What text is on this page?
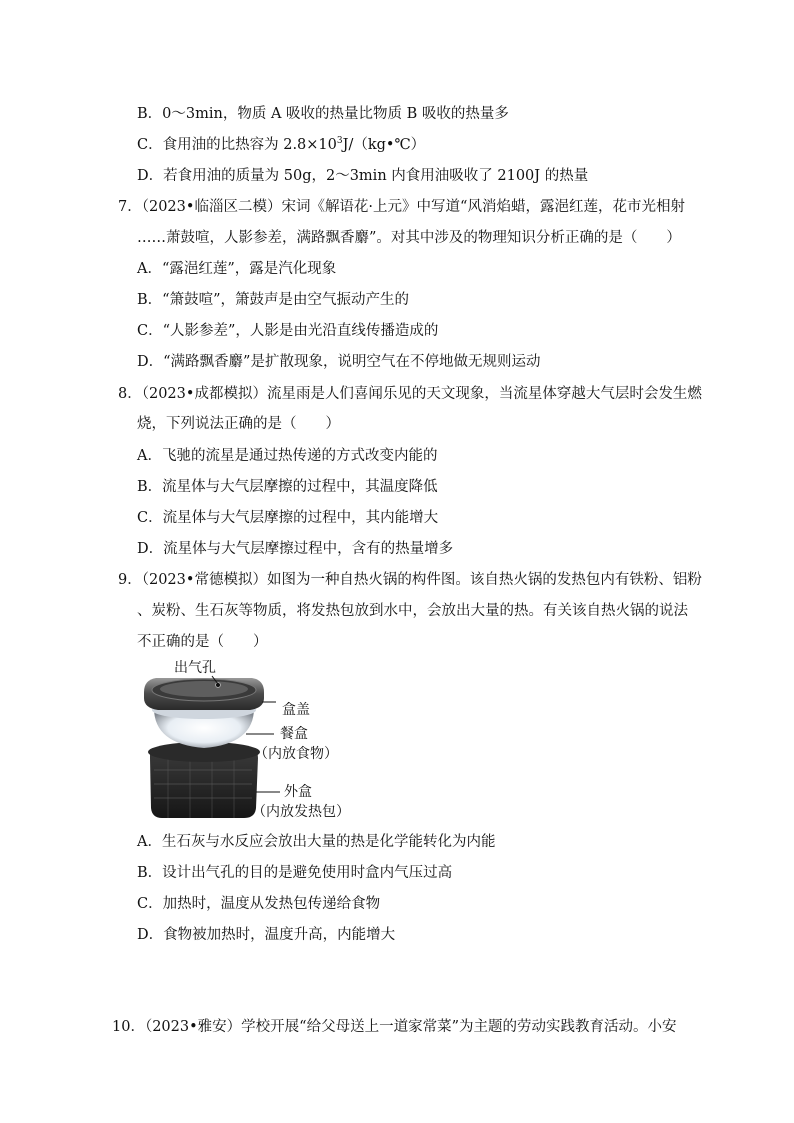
B．0～3min，物质 A 吸收的热量比物质 B 吸收的热量多
C．食用油的比热容为 $2.8\times 10^3J/(kg•℃)$
D．若食用油的质量为 50g，2～3min 内食用油吸收了 2100J 的热量
7．（2023•临淄区二模）宋词《解语花·上元》中写道“风消焰蜡，露浥红莲，花市光相射
……萧鼓喧，人影参差，满路飘香麝”。对其中涉及的物理知识分析正确的是（　　）
A．“露浥红莲”，露是汽化现象
B．“箫鼓喧”，箫鼓声是由空气振动产生的
C．“人影参差”，人影是由光沿直线传播造成的
D．“满路飘香麝”是扩散现象，说明空气在不停地做无规则运动
8．（2023•成都模拟）流星雨是人们喜闻乐见的天文现象，当流星体穿越大气层时会发生燃
烧，下列说法正确的是（　　）
A．飞驰的流星是通过热传递的方式改变内能的
B．流星体与大气层摩擦的过程中，其温度降低
C．流星体与大气层摩擦的过程中，其内能增大
D．流星体与大气层摩擦过程中，含有的热量增多
9．（2023•常德模拟）如图为一种自热火锅的构件图。该自热火锅的发热包内有铁粉、铝粉
、炭粉、生石灰等物质，将发热包放到水中，会放出大量的热。有关该自热火锅的说法
不正确的是（　　）
出气孔
盒盖
餐盒
（内放食物）
外盒
（内放发热包）
A．生石灰与水反应会放出大量的热是化学能转化为内能
B．设计出气孔的目的是避免使用时盒内气压过高
C．加热时，温度从发热包传递给食物
D．食物被加热时，温度升高，内能增大
10．（2023•雅安）学校开展“给父母送上一道家常菜”为主题的劳动实践教育活动。小安
